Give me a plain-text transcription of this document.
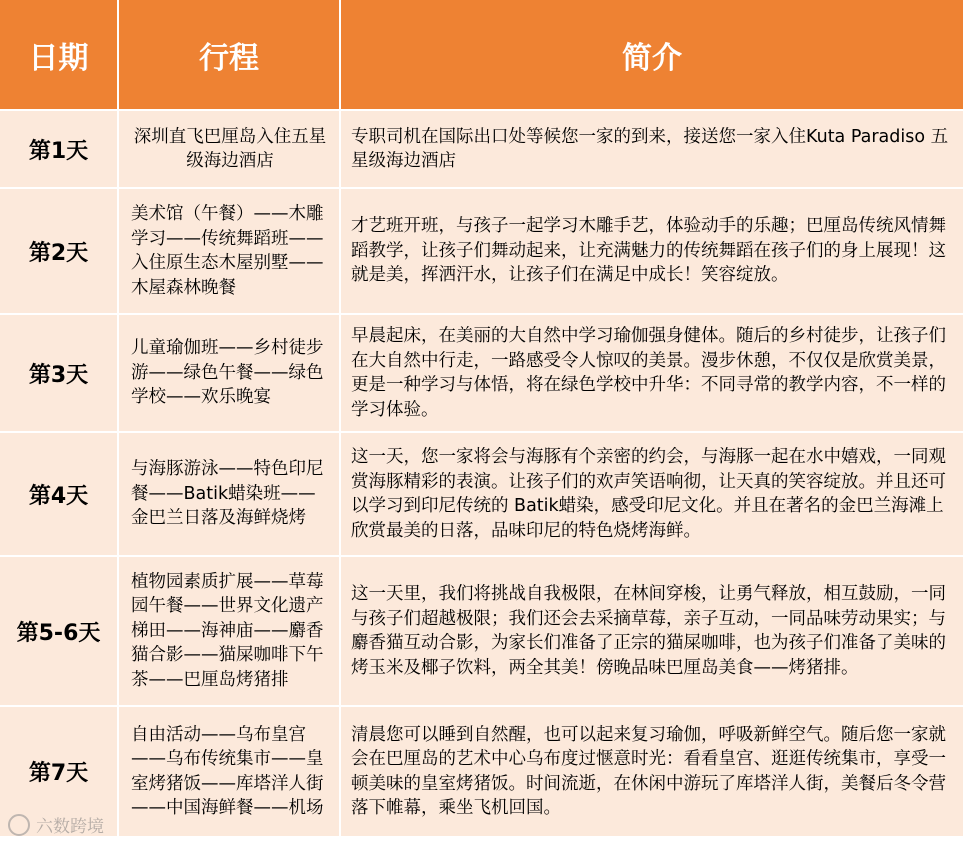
日期	行程	简介
第1天	深圳直飞巴厘岛入住五星级海边酒店	专职司机在国际出口处等候您一家的到来，接送您一家入住Kuta Paradiso 五星级海边酒店
第2天	美术馆（午餐）——木雕学习——传统舞蹈班——入住原生态木屋别墅——木屋森林晚餐	才艺班开班，与孩子一起学习木雕手艺，体验动手的乐趣；巴厘岛传统风情舞蹈教学，让孩子们舞动起来，让充满魅力的传统舞蹈在孩子们的身上展现！这就是美，挥洒汗水，让孩子们在满足中成长！笑容绽放。
第3天	儿童瑜伽班——乡村徒步游——绿色午餐——绿色学校——欢乐晚宴	早晨起床，在美丽的大自然中学习瑜伽强身健体。随后的乡村徒步，让孩子们在大自然中行走，一路感受令人惊叹的美景。漫步休憩，不仅仅是欣赏美景，更是一种学习与体悟，将在绿色学校中升华：不同寻常的教学内容，不一样的学习体验。
第4天	与海豚游泳——特色印尼餐——Batik蜡染班——金巴兰日落及海鲜烧烤	这一天，您一家将会与海豚有个亲密的约会，与海豚一起在水中嬉戏，一同观赏海豚精彩的表演。让孩子们的欢声笑语响彻，让天真的笑容绽放。并且还可以学习到印尼传统的 Batik蜡染，感受印尼文化。并且在著名的金巴兰海滩上欣赏最美的日落，品味印尼的特色烧烤海鲜。
第5-6天	植物园素质扩展——草莓园午餐——世界文化遗产梯田——海神庙——麝香猫合影——猫屎咖啡下午茶——巴厘岛烤猪排	这一天里，我们将挑战自我极限，在林间穿梭，让勇气释放，相互鼓励，一同与孩子们超越极限；我们还会去采摘草莓，亲子互动，一同品味劳动果实；与麝香猫互动合影，为家长们准备了正宗的猫屎咖啡，也为孩子们准备了美味的烤玉米及椰子饮料，两全其美！傍晚品味巴厘岛美食——烤猪排。
第7天	自由活动——乌布皇宫——乌布传统集市——皇室烤猪饭——库塔洋人街——中国海鲜餐——机场	清晨您可以睡到自然醒，也可以起来复习瑜伽，呼吸新鲜空气。随后您一家就会在巴厘岛的艺术中心乌布度过惬意时光：看看皇宫、逛逛传统集市，享受一顿美味的皇室烤猪饭。时间流逝，在休闲中游玩了库塔洋人街，美餐后冬令营落下帷幕，乘坐飞机回国。
六数跨境
